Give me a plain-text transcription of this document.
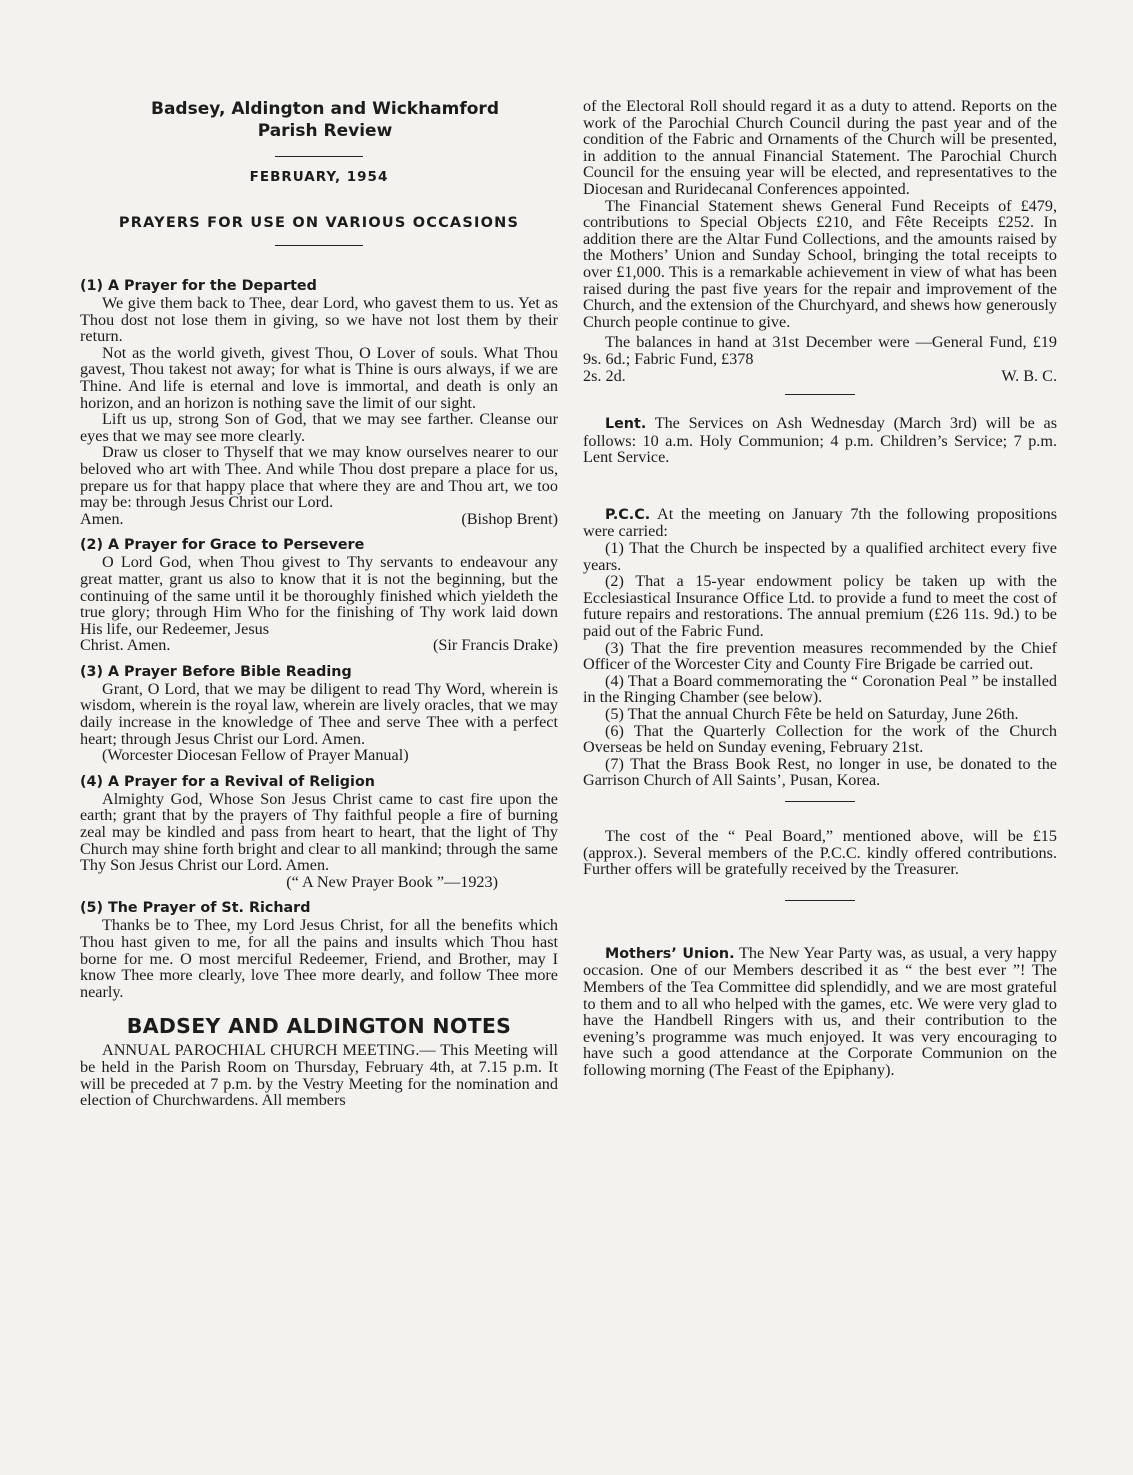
Badsey, Aldington and Wickhamford
Parish Review
FEBRUARY, 1954
PRAYERS FOR USE ON VARIOUS OCCASIONS
(1) A Prayer for the Departed

We give them back to Thee, dear Lord, who gavest them to us. Yet as Thou dost not lose them in giving, so we have not lost them by their return.

Not as the world giveth, givest Thou, O Lover of souls. What Thou gavest, Thou takest not away; for what is Thine is ours always, if we are Thine. And life is eternal and love is immortal, and death is only an horizon, and an horizon is nothing save the limit of our sight.

Lift us up, strong Son of God, that we may see farther. Cleanse our eyes that we may see more clearly.

Draw us closer to Thyself that we may know ourselves nearer to our beloved who art with Thee. And while Thou dost prepare a place for us, prepare us for that happy place that where they are and Thou art, we too may be: through Jesus Christ our Lord.

Amen.	(Bishop Brent)
(2) A Prayer for Grace to Persevere

O Lord God, when Thou givest to Thy servants to endeavour any great matter, grant us also to know that it is not the beginning, but the continuing of the same until it be thoroughly finished which yieldeth the true glory; through Him Who for the finishing of Thy work laid down His life, our Redeemer, Jesus

Christ. Amen.	(Sir Francis Drake)
(3) A Prayer Before Bible Reading

Grant, O Lord, that we may be diligent to read Thy Word, wherein is wisdom, wherein is the royal law, wherein are lively oracles, that we may daily increase in the knowledge of Thee and serve Thee with a perfect heart; through Jesus Christ our Lord. Amen.

(Worcester Diocesan Fellow of Prayer Manual)

(4) A Prayer for a Revival of Religion

Almighty God, Whose Son Jesus Christ came to cast fire upon the earth; grant that by the prayers of Thy faithful people a fire of burning zeal may be kindled and pass from heart to heart, that the light of Thy Church may shine forth bright and clear to all mankind; through the same Thy Son Jesus Christ our Lord. Amen.

(“ A New Prayer Book ”—1923)
(5) The Prayer of St. Richard

Thanks be to Thee, my Lord Jesus Christ, for all the benefits which Thou hast given to me, for all the pains and insults which Thou hast borne for me. O most merciful Redeemer, Friend, and Brother, may I know Thee more clearly, love Thee more dearly, and follow Thee more nearly.

BADSEY AND ALDINGTON NOTES

ANNUAL PAROCHIAL CHURCH MEETING.— This Meeting will be held in the Parish Room on Thursday, February 4th, at 7.15 p.m. It will be preceded at 7 p.m. by the Vestry Meeting for the nomination and election of Churchwardens. All members

of the Electoral Roll should regard it as a duty to attend. Reports on the work of the Parochial Church Council during the past year and of the condition of the Fabric and Ornaments of the Church will be presented, in addition to the annual Financial Statement. The Parochial Church Council for the ensuing year will be elected, and representatives to the Diocesan and Ruridecanal Conferences appointed.

The Financial Statement shews General Fund Receipts of £479, contributions to Special Objects £210, and Fête Receipts £252. In addition there are the Altar Fund Collections, and the amounts raised by the Mothers’ Union and Sunday School, bringing the total receipts to over £1,000. This is a remarkable achievement in view of what has been raised during the past five years for the repair and improvement of the Church, and the extension of the Churchyard, and shews how generously Church people continue to give.

The balances in hand at 31st December were —General Fund, £19 9s. 6d.; Fabric Fund, £378

2s. 2d.	W. B. C.

Lent. The Services on Ash Wednesday (March 3rd) will be as follows: 10 a.m. Holy Communion; 4 p.m. Children’s Service; 7 p.m. Lent Service.

P.C.C. At the meeting on January 7th the following propositions were carried:

(1) That the Church be inspected by a qualified architect every five years.

(2) That a 15-year endowment policy be taken up with the Ecclesiastical Insurance Office Ltd. to provide a fund to meet the cost of future repairs and restorations. The annual premium (£26 11s. 9d.) to be paid out of the Fabric Fund.

(3) That the fire prevention measures recommended by the Chief Officer of the Worcester City and County Fire Brigade be carried out.

(4) That a Board commemorating the “ Coronation Peal ” be installed in the Ringing Chamber (see below).

(5) That the annual Church Fête be held on Saturday, June 26th.

(6) That the Quarterly Collection for the work of the Church Overseas be held on Sunday evening, February 21st.

(7) That the Brass Book Rest, no longer in use, be donated to the Garrison Church of All Saints’, Pusan, Korea.

The cost of the “ Peal Board,” mentioned above, will be £15 (approx.). Several members of the P.C.C. kindly offered contributions. Further offers will be gratefully received by the Treasurer.

Mothers’ Union. The New Year Party was, as usual, a very happy occasion. One of our Members described it as “ the best ever ”! The Members of the Tea Committee did splendidly, and we are most grateful to them and to all who helped with the games, etc. We were very glad to have the Handbell Ringers with us, and their contribution to the evening’s programme was much enjoyed. It was very encouraging to have such a good attendance at the Corporate Communion on the following morning (The Feast of the Epiphany).
